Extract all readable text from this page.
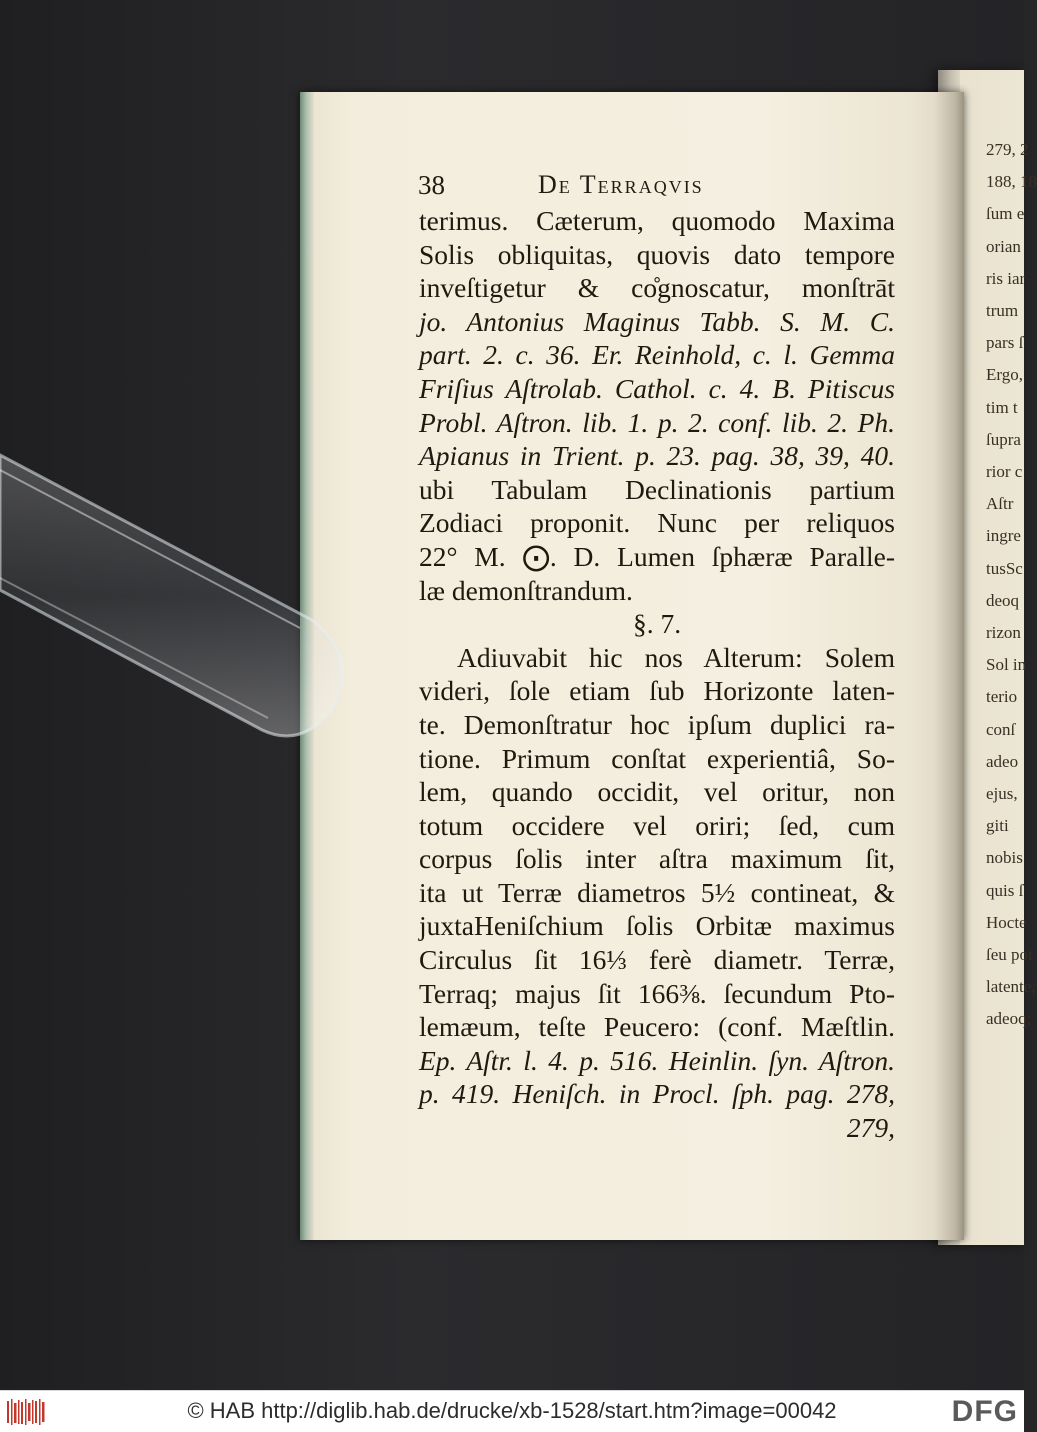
279, 2
188, 18
ſum e
orian
ris iar
trum
pars ſ
Ergo,
tim t
ſupra
rior c
Aſtr
ingre
tusSc
deoq
rizon
Sol in
terio
conſ
adeo
ejus,
giti
nobis
quis ſ
Hocte
ſeu pot
latente,
adeoq;
38	De Terraqvis
terimus. Cæterum, quomodo Maxima
Solis obliquitas, quovis dato tempore
inveſtigetur & co̊gnoscatur, monſtrāt
jo. Antonius Maginus Tabb. S. M. C.
part. 2. c. 36. Er. Reinhold, c. l. Gemma
Friſius Aſtrolab. Cathol. c. 4. B. Pitiscus
Probl. Aſtron. lib. 1. p. 2. conf. lib. 2. Ph.
Apianus in Trient. p. 23. pag. 38, 39, 40.
ubi Tabulam Declinationis partium
Zodiaci proponit. Nunc per reliquos
22° M. ⨀. D. Lumen ſphæræ Paralle-
læ demonſtrandum.
§. 7.
Adiuvabit hic nos Alterum: Solem
videri, ſole etiam ſub Horizonte laten-
te. Demonſtratur hoc ipſum duplici ra-
tione. Primum conſtat experientiâ, So-
lem, quando occidit, vel oritur, non
totum occidere vel oriri; ſed, cum
corpus ſolis inter aſtra maximum ſit,
ita ut Terræ diametros 5½ contineat, &
juxtaHeniſchium ſolis Orbitæ maximus
Circulus ſit 16⅓ ferè diametr. Terræ,
Terraq; majus ſit 166⅜. ſecundum Pto-
lemæum, teſte Peucero: (conf. Mæſtlin.
Ep. Aſtr. l. 4. p. 516. Heinlin. ſyn. Aſtron.
p. 419. Heniſch. in Procl. ſph. pag. 278,
279,
© HAB http://diglib.hab.de/drucke/xb-1528/start.htm?image=00042	DFG
